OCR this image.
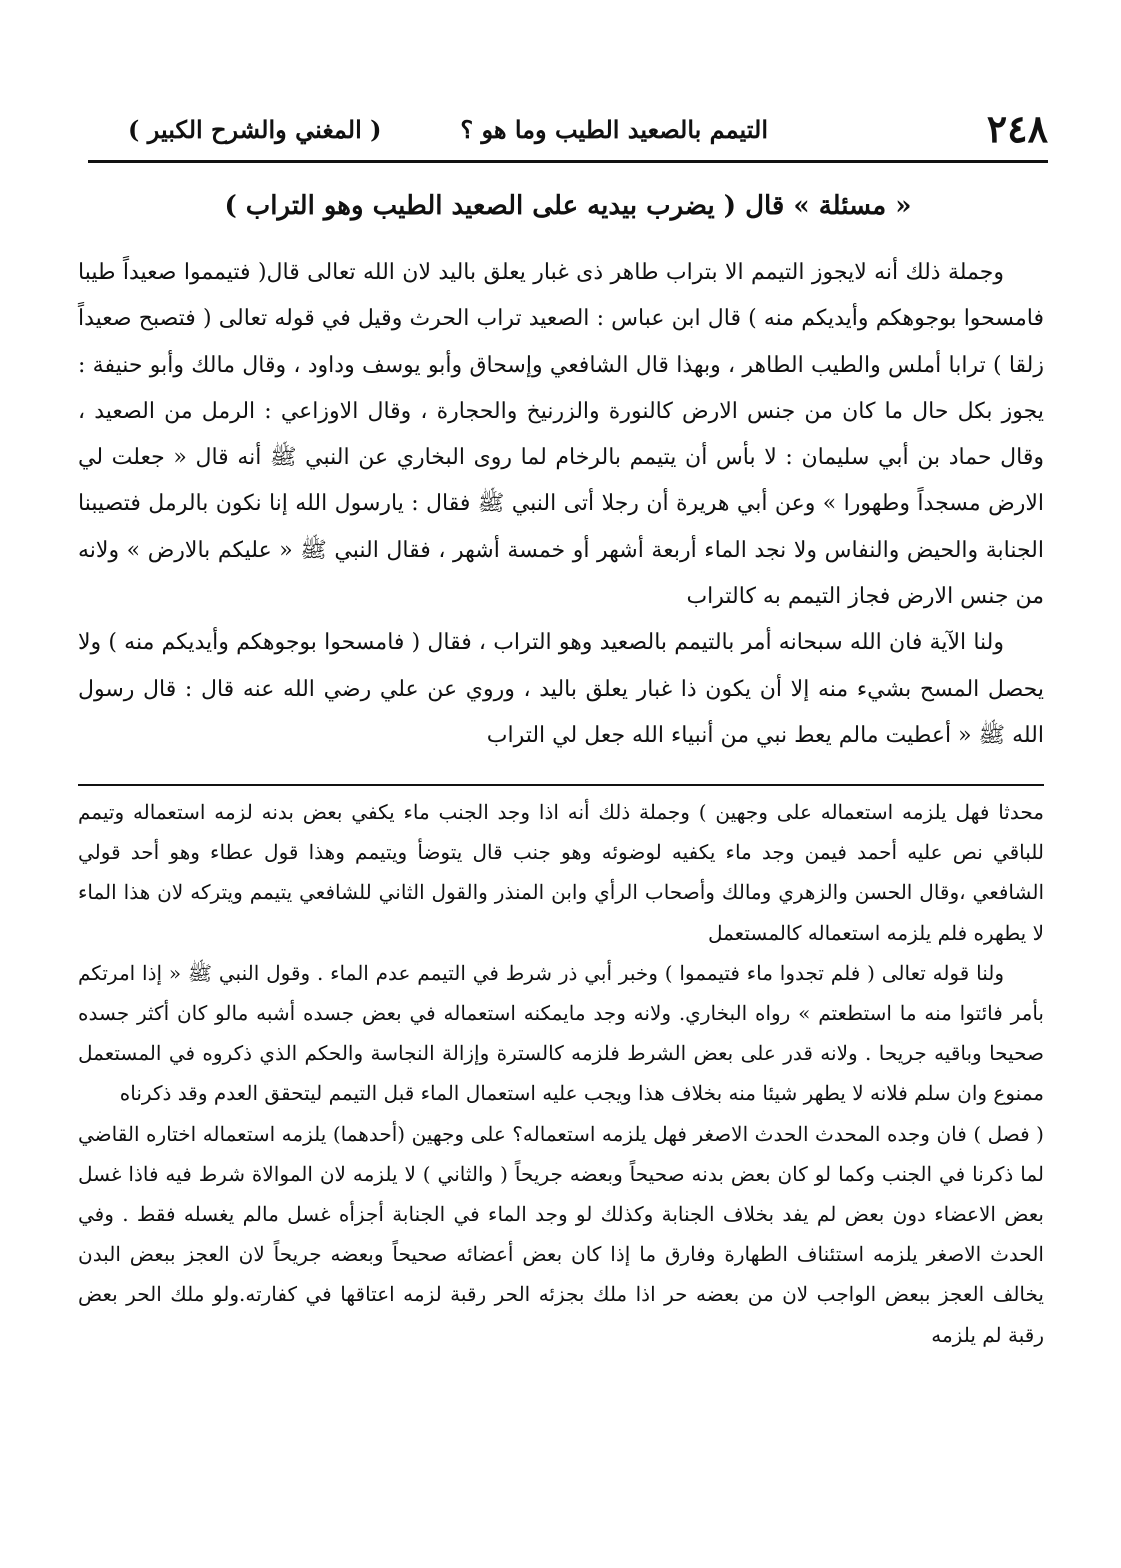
٢٤٨
التيمم بالصعيد الطيب وما هو ؟
( المغني والشرح الكبير )
« مسئلة » قال ( يضرب بيديه على الصعيد الطيب وهو التراب )

وجملة ذلك أنه لايجوز التيمم الا بتراب طاهر ذى غبار يعلق باليد لان الله تعالى قال( فتيمموا صعيداً طيبا فامسحوا بوجوهكم وأيديكم منه ) قال ابن عباس : الصعيد تراب الحرث وقيل في قوله تعالى ( فتصبح صعيداً زلقا ) ترابا أملس والطيب الطاهر ، وبهذا قال الشافعي وإسحاق وأبو يوسف وداود ، وقال مالك وأبو حنيفة : يجوز بكل حال ما كان من جنس الارض كالنورة والزرنيخ والحجارة ، وقال الاوزاعي : الرمل من الصعيد ، وقال حماد بن أبي سليمان : لا بأس أن يتيمم بالرخام لما روى البخاري عن النبي ﷺ أنه قال « جعلت لي الارض مسجداً وطهورا » وعن أبي هريرة أن رجلا أتى النبي ﷺ فقال : يارسول الله إنا نكون بالرمل فتصيبنا الجنابة والحيض والنفاس ولا نجد الماء أربعة أشهر أو خمسة أشهر ، فقال النبي ﷺ « عليكم بالارض » ولانه من جنس الارض فجاز التيمم به كالتراب

ولنا الآية فان الله سبحانه أمر بالتيمم بالصعيد وهو التراب ، فقال ( فامسحوا بوجوهكم وأيديكم منه ) ولا يحصل المسح بشيء منه إلا أن يكون ذا غبار يعلق باليد ، وروي عن علي رضي الله عنه قال : قال رسول الله ﷺ « أعطيت مالم يعط نبي من أنبياء الله جعل لي التراب

محدثا فهل يلزمه استعماله على وجهين ) وجملة ذلك أنه اذا وجد الجنب ماء يكفي بعض بدنه لزمه استعماله وتيمم للباقي نص عليه أحمد فيمن وجد ماء يكفيه لوضوئه وهو جنب قال يتوضأ ويتيمم وهذا قول عطاء وهو أحد قولي الشافعي ،وقال الحسن والزهري ومالك وأصحاب الرأي وابن المنذر والقول الثاني للشافعي يتيمم ويتركه لان هذا الماء لا يطهره فلم يلزمه استعماله كالمستعمل

ولنا قوله تعالى ( فلم تجدوا ماء فتيمموا ) وخبر أبي ذر شرط في التيمم عدم الماء . وقول النبي ﷺ « إذا امرتكم بأمر فائتوا منه ما استطعتم » رواه البخاري. ولانه وجد مايمكنه استعماله في بعض جسده أشبه مالو كان أكثر جسده صحيحا وباقيه جريحا . ولانه قدر على بعض الشرط فلزمه كالسترة وإزالة النجاسة والحكم الذي ذكروه في المستعمل ممنوع وان سلم فلانه لا يطهر شيئا منه بخلاف هذا ويجب عليه استعمال الماء قبل التيمم ليتحقق العدم وقد ذكرناه

( فصل ) فان وجده المحدث الحدث الاصغر فهل يلزمه استعماله؟ على وجهين (أحدهما) يلزمه استعماله اختاره القاضي لما ذكرنا في الجنب وكما لو كان بعض بدنه صحيحاً وبعضه جريحاً ( والثاني ) لا يلزمه لان الموالاة شرط فيه فاذا غسل بعض الاعضاء دون بعض لم يفد بخلاف الجنابة وكذلك لو وجد الماء في الجنابة أجزأه غسل مالم يغسله فقط . وفي الحدث الاصغر يلزمه استئناف الطهارة وفارق ما إذا كان بعض أعضائه صحيحاً وبعضه جريحاً لان العجز ببعض البدن يخالف العجز ببعض الواجب لان من بعضه حر اذا ملك بجزئه الحر رقبة لزمه اعتاقها في كفارته.ولو ملك الحر بعض رقبة لم يلزمه
